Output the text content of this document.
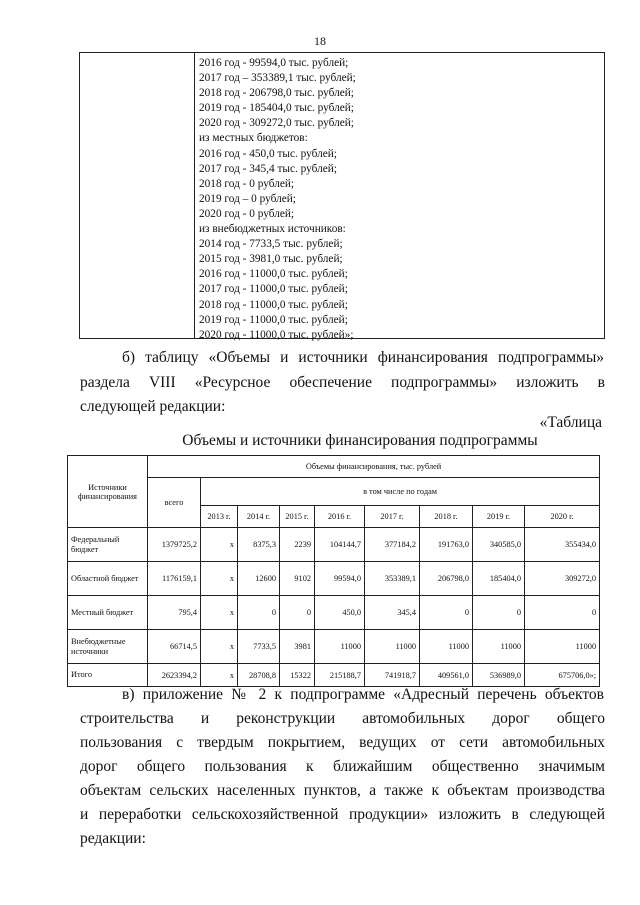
18
2016 год - 99594,0 тыс. рублей;
2017 год – 353389,1 тыс. рублей;
2018 год - 206798,0 тыс. рублей;
2019 год - 185404,0 тыс. рублей;
2020 год - 309272,0 тыс. рублей;
из местных бюджетов:
2016 год - 450,0 тыс. рублей;
2017 год - 345,4 тыс. рублей;
2018 год - 0 рублей;
2019 год – 0 рублей;
2020 год - 0 рублей;
из внебюджетных источников:
2014 год - 7733,5 тыс. рублей;
2015 год - 3981,0 тыс. рублей;
2016 год - 11000,0 тыс. рублей;
2017 год - 11000,0 тыс. рублей;
2018 год - 11000,0 тыс. рублей;
2019 год - 11000,0 тыс. рублей;
2020 год - 11000,0 тыс. рублей»;
б) таблицу «Объемы и источники финансирования подпрограммы»
раздела VIII «Ресурсное обеспечение подпрограммы» изложить в
следующей редакции:
«Таблица
Объемы и источники финансирования подпрограммы
Источники финансирования	Объемы финансирования, тыс. рублей								
	всего	в том числе по годам							
		2013 г.	2014 г.	2015 г.	2016 г.	2017 г.	2018 г.	2019 г.	2020 г.
Федеральный бюджет	1379725,2	х	8375,3	2239	104144,7	377184,2	191763,0	340585,0	355434,0
Областной бюджет	1176159,1	х	12600	9102	99594,0	353389,1	206798,0	185404,0	309272,0
Местный бюджет	795,4	х	0	0	450,0	345,4	0	0	0
Внебюджетные источники	66714,5	х	7733,5	3981	11000	11000	11000	11000	11000
Итого	2623394,2	х	28708,8	15322	215188,7	741918,7	409561,0	536989,0	675706,0»;
в) приложение № 2 к подпрограмме «Адресный перечень объектов
строительства и реконструкции автомобильных дорог общего
пользования с твердым покрытием, ведущих от сети автомобильных
дорог общего пользования к ближайшим общественно значимым
объектам сельских населенных пунктов, а также к объектам производства
и переработки сельскохозяйственной продукции» изложить в следующей
редакции:
